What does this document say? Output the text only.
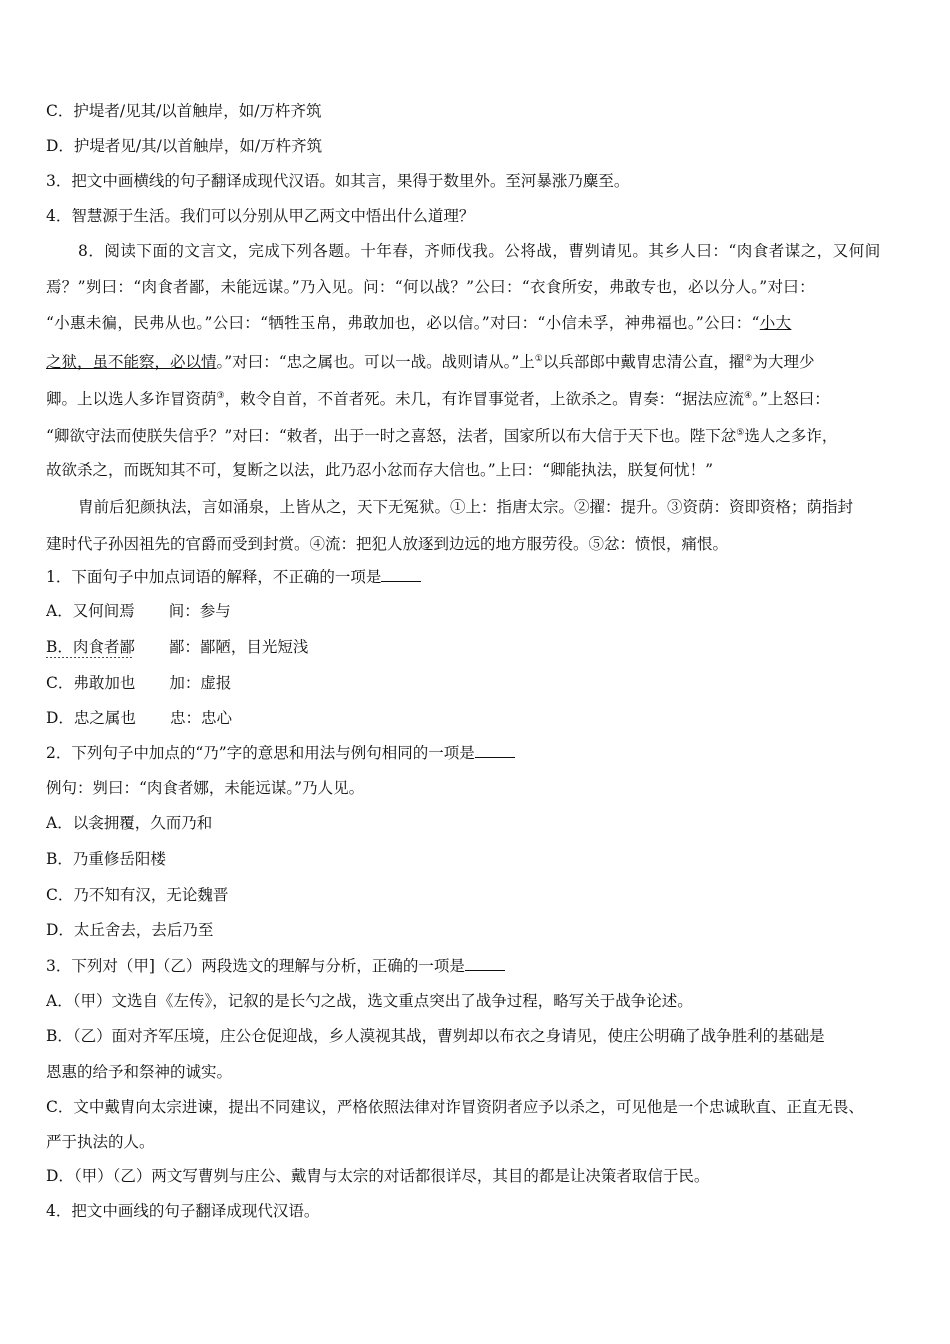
C．护堤者/见其/以首触岸，如/万杵齐筑
D．护堤者见/其/以首触岸，如/万杵齐筑
3．把文中画横线的句子翻译成现代汉语。如其言，果得于数里外。至河暴涨乃麋至。
4．智慧源于生活。我们可以分别从甲乙两文中悟出什么道理？
8．阅读下面的文言文，完成下列各题。十年春，齐师伐我。公将战，曹刿请见。其乡人曰：“肉食者谋之，又何间
焉？”刿曰：“肉食者鄙，未能远谋。”乃入见。问：“何以战？”公曰：“衣食所安，弗敢专也，必以分人。”对曰：
“小惠未徧，民弗从也。”公曰：“牺牲玉帛，弗敢加也，必以信。”对曰：“小信未孚，神弗福也。”公曰：“小大
之狱，虽不能察，必以情。”对曰：“忠之属也。可以一战。战则请从。”上①以兵部郎中戴胄忠清公直，擢②为大理少
卿。上以选人多诈冒资荫③，敕令自首，不首者死。未几，有诈冒事觉者，上欲杀之。胄奏：“据法应流④。”上怒曰：
“卿欲守法而使朕失信乎？”对曰：“敕者，出于一时之喜怒，法者，国家所以布大信于天下也。陛下忿⑤选人之多诈，
故欲杀之，而既知其不可，复断之以法，此乃忍小忿而存大信也。”上曰：“卿能执法，朕复何忧！”
胄前后犯颜执法，言如涌泉，上皆从之，天下无冤狱。①上：指唐太宗。②擢：提升。③资荫：资即资格；荫指封
建时代子孙因祖先的官爵而受到封赏。④流：把犯人放逐到边远的地方服劳役。⑤忿：愤恨，痛恨。
1．下面句子中加点词语的解释，不正确的一项是
A．又何间焉 间：参与
B．肉食者鄙 鄙：鄙陋，目光短浅
C．弗敢加也 加：虚报
D．忠之属也 忠：忠心
2．下列句子中加点的“乃”字的意思和用法与例句相同的一项是
例句：刿曰：“肉食者娜，未能远谋。”乃人见。
A．以衾拥覆，久而乃和
B．乃重修岳阳楼
C．乃不知有汉，无论魏晋
D．太丘舍去，去后乃至
3．下列对（甲]（乙）两段选文的理解与分析，正确的一项是
A．（甲）文选自《左传》，记叙的是长勺之战，选文重点突出了战争过程，略写关于战争论述。
B．（乙）面对齐军压境，庄公仓促迎战，乡人漠视其战，曹刿却以布衣之身请见，使庄公明确了战争胜利的基础是
恩惠的给予和祭神的诚实。
C．文中戴胄向太宗进谏，提出不同建议，严格依照法律对诈冒资阴者应予以杀之，可见他是一个忠诚耿直、正直无畏、
严于执法的人。
D．（甲）（乙）两文写曹刿与庄公、戴胄与太宗的对话都很详尽，其目的都是让决策者取信于民。
4．把文中画线的句子翻译成现代汉语。
